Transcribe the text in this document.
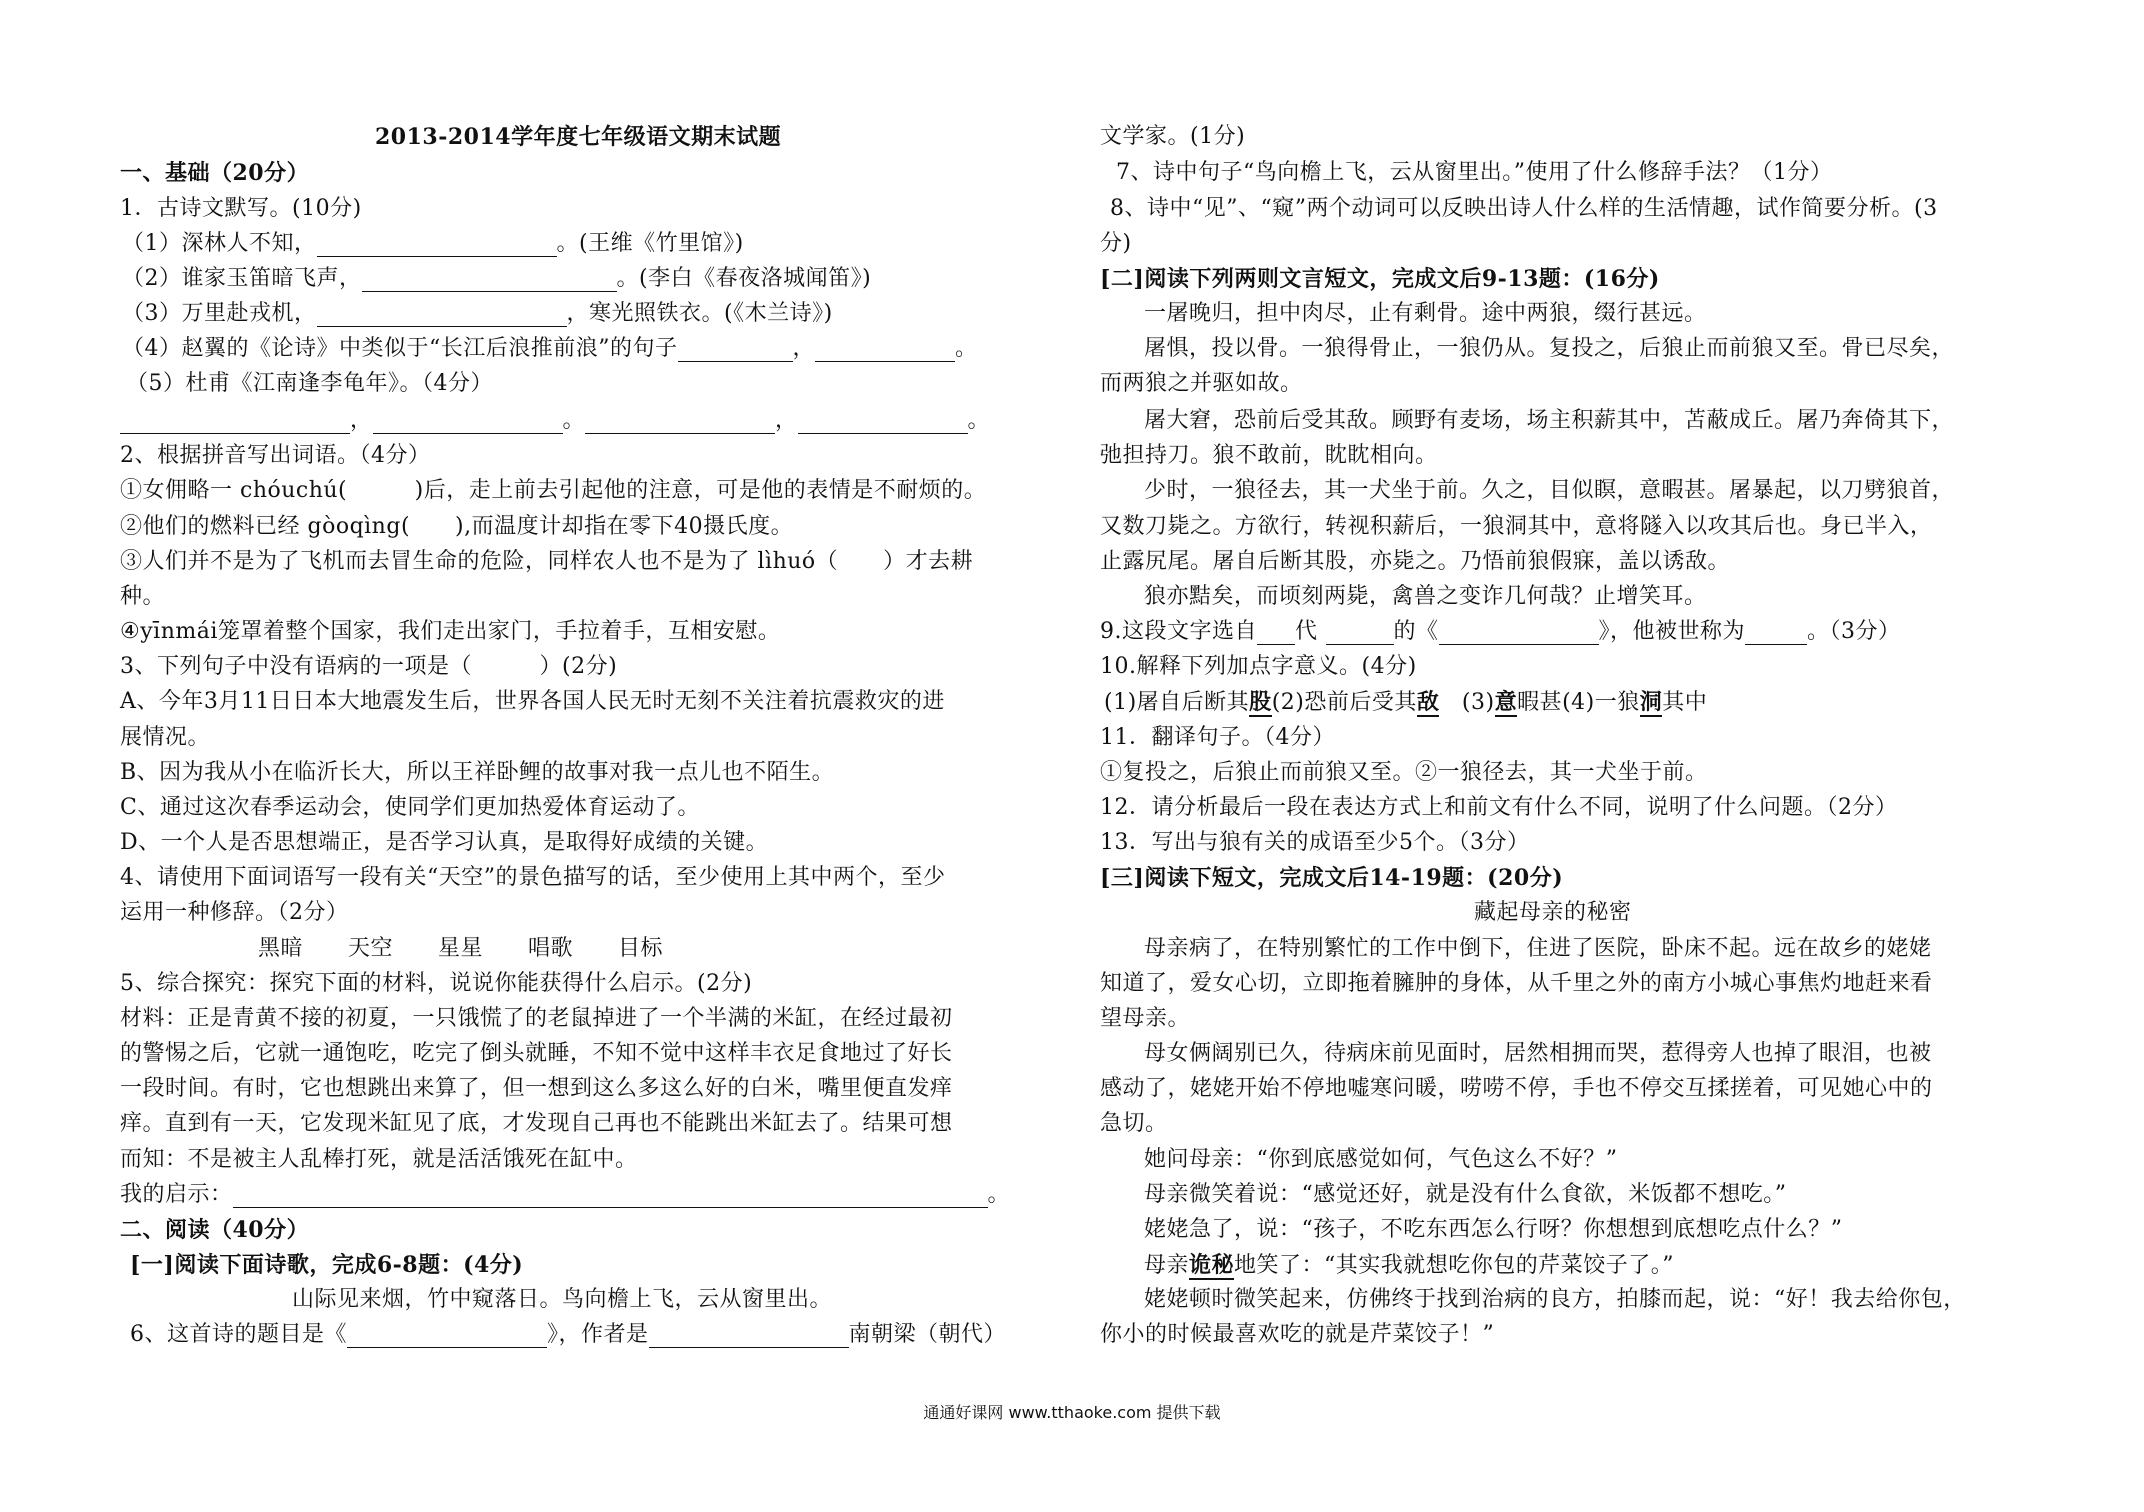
2013-2014学年度七年级语文期末试题
一、基础（20分）
1．古诗文默写。(10分)
（1）深林人不知，	。(王维《竹里馆》)
（2）谁家玉笛暗飞声，	。(李白《春夜洛城闻笛》)
（3）万里赴戎机，	，寒光照铁衣。(《木兰诗》)
（4）赵翼的《论诗》中类似于“长江后浪推前浪”的句子	，	。
（5）杜甫《江南逢李龟年》。（4分）
，	。	，	。
2、根据拼音写出词语。（4分）
①女佣略一 chóuchú(　　　)后，走上前去引起他的注意，可是他的表情是不耐烦的。
②他们的燃料已经 gòoqìng(　　),而温度计却指在零下40摄氏度。
③人们并不是为了飞机而去冒生命的危险，同样农人也不是为了 lìhuó（　　）才去耕
种。
④yīnmái笼罩着整个国家，我们走出家门，手拉着手，互相安慰。
3、下列句子中没有语病的一项是（　　　）(2分)
A、今年3月11日日本大地震发生后，世界各国人民无时无刻不关注着抗震救灾的进
展情况。
B、因为我从小在临沂长大，所以王祥卧鲤的故事对我一点儿也不陌生。
C、通过这次春季运动会，使同学们更加热爱体育运动了。
D、一个人是否思想端正，是否学习认真，是取得好成绩的关键。
4、请使用下面词语写一段有关“天空”的景色描写的话，至少使用上其中两个，至少
运用一种修辞。（2分）
黑暗　　天空　　星星　　唱歌　　目标
5、综合探究：探究下面的材料，说说你能获得什么启示。(2分)
材料：正是青黄不接的初夏，一只饿慌了的老鼠掉进了一个半满的米缸，在经过最初
的警惕之后，它就一通饱吃，吃完了倒头就睡，不知不觉中这样丰衣足食地过了好长
一段时间。有时，它也想跳出来算了，但一想到这么多这么好的白米，嘴里便直发痒
痒。直到有一天，它发现米缸见了底，才发现自己再也不能跳出米缸去了。结果可想
而知：不是被主人乱棒打死，就是活活饿死在缸中。
我的启示：	。
二、阅读（40分）
[一]阅读下面诗歌，完成6-8题：(4分)
山际见来烟，竹中窥落日。鸟向檐上飞，云从窗里出。
6、这首诗的题目是《	》，作者是	南朝梁（朝代）
文学家。(1分)
7、诗中句子“鸟向檐上飞，云从窗里出。”使用了什么修辞手法？（1分）
8、诗中“见”、“窥”两个动词可以反映出诗人什么样的生活情趣，试作简要分析。(3
分)
[二]阅读下列两则文言短文，完成文后9-13题：(16分)
一屠晚归，担中肉尽，止有剩骨。途中两狼，缀行甚远。
屠惧，投以骨。一狼得骨止，一狼仍从。复投之，后狼止而前狼又至。骨已尽矣，
而两狼之并驱如故。
屠大窘，恐前后受其敌。顾野有麦场，场主积薪其中，苫蔽成丘。屠乃奔倚其下，
弛担持刀。狼不敢前，眈眈相向。
少时，一狼径去，其一犬坐于前。久之，目似瞑，意暇甚。屠暴起，以刀劈狼首，
又数刀毙之。方欲行，转视积薪后，一狼洞其中，意将隧入以攻其后也。身已半入，
止露尻尾。屠自后断其股，亦毙之。乃悟前狼假寐，盖以诱敌。
狼亦黠矣，而顷刻两毙，禽兽之变诈几何哉？止增笑耳。
9.这段文字选自 代	的《	》，他被世称为	。（3分）
10.解释下列加点字意义。(4分)
(1)屠自后断其股(2)恐前后受其敌　 (3)意暇甚(4)一狼洞其中
11．翻译句子。（4分）
①复投之，后狼止而前狼又至。②一狼径去，其一犬坐于前。
12．请分析最后一段在表达方式上和前文有什么不同，说明了什么问题。（2分）
13．写出与狼有关的成语至少5个。（3分）
[三]阅读下短文，完成文后14-19题：(20分)
藏起母亲的秘密
母亲病了，在特别繁忙的工作中倒下，住进了医院，卧床不起。远在故乡的姥姥
知道了，爱女心切，立即拖着臃肿的身体，从千里之外的南方小城心事焦灼地赶来看
望母亲。
母女俩阔别已久，待病床前见面时，居然相拥而哭，惹得旁人也掉了眼泪，也被
感动了，姥姥开始不停地嘘寒问暖，唠唠不停，手也不停交互揉搓着，可见她心中的
急切。
她问母亲：“你到底感觉如何，气色这么不好？”
母亲微笑着说：“感觉还好，就是没有什么食欲，米饭都不想吃。”
姥姥急了，说：“孩子，不吃东西怎么行呀？你想想到底想吃点什么？”
母亲诡秘地笑了：“其实我就想吃你包的芹菜饺子了。”
姥姥顿时微笑起来，仿佛终于找到治病的良方，拍膝而起，说：“好！我去给你包，
你小的时候最喜欢吃的就是芹菜饺子！”
通通好课网 www.tthaoke.com 提供下载
